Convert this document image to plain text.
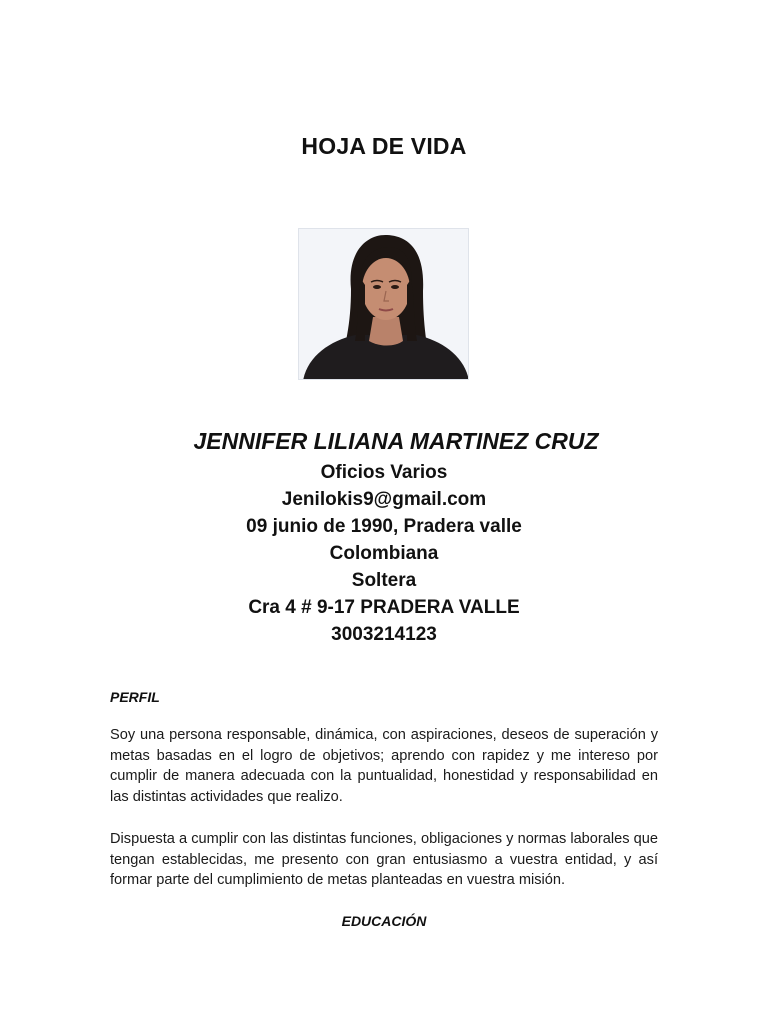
HOJA DE VIDA
JENNIFER LILIANA MARTINEZ CRUZ
Oficios Varios
Jenilokis9@gmail.com
09 junio de 1990, Pradera valle
Colombiana
Soltera
Cra 4 # 9-17 PRADERA VALLE
3003214123
PERFIL
Soy una persona responsable, dinámica, con aspiraciones, deseos de superación y metas basadas en el logro de objetivos; aprendo con rapidez y me intereso por cumplir de manera adecuada con la puntualidad, honestidad y responsabilidad en las distintas actividades que realizo.
Dispuesta a cumplir con las distintas funciones, obligaciones y normas laborales que tengan establecidas, me presento con gran entusiasmo a vuestra entidad, y así formar parte del cumplimiento de metas planteadas en vuestra misión.
EDUCACIÓN
